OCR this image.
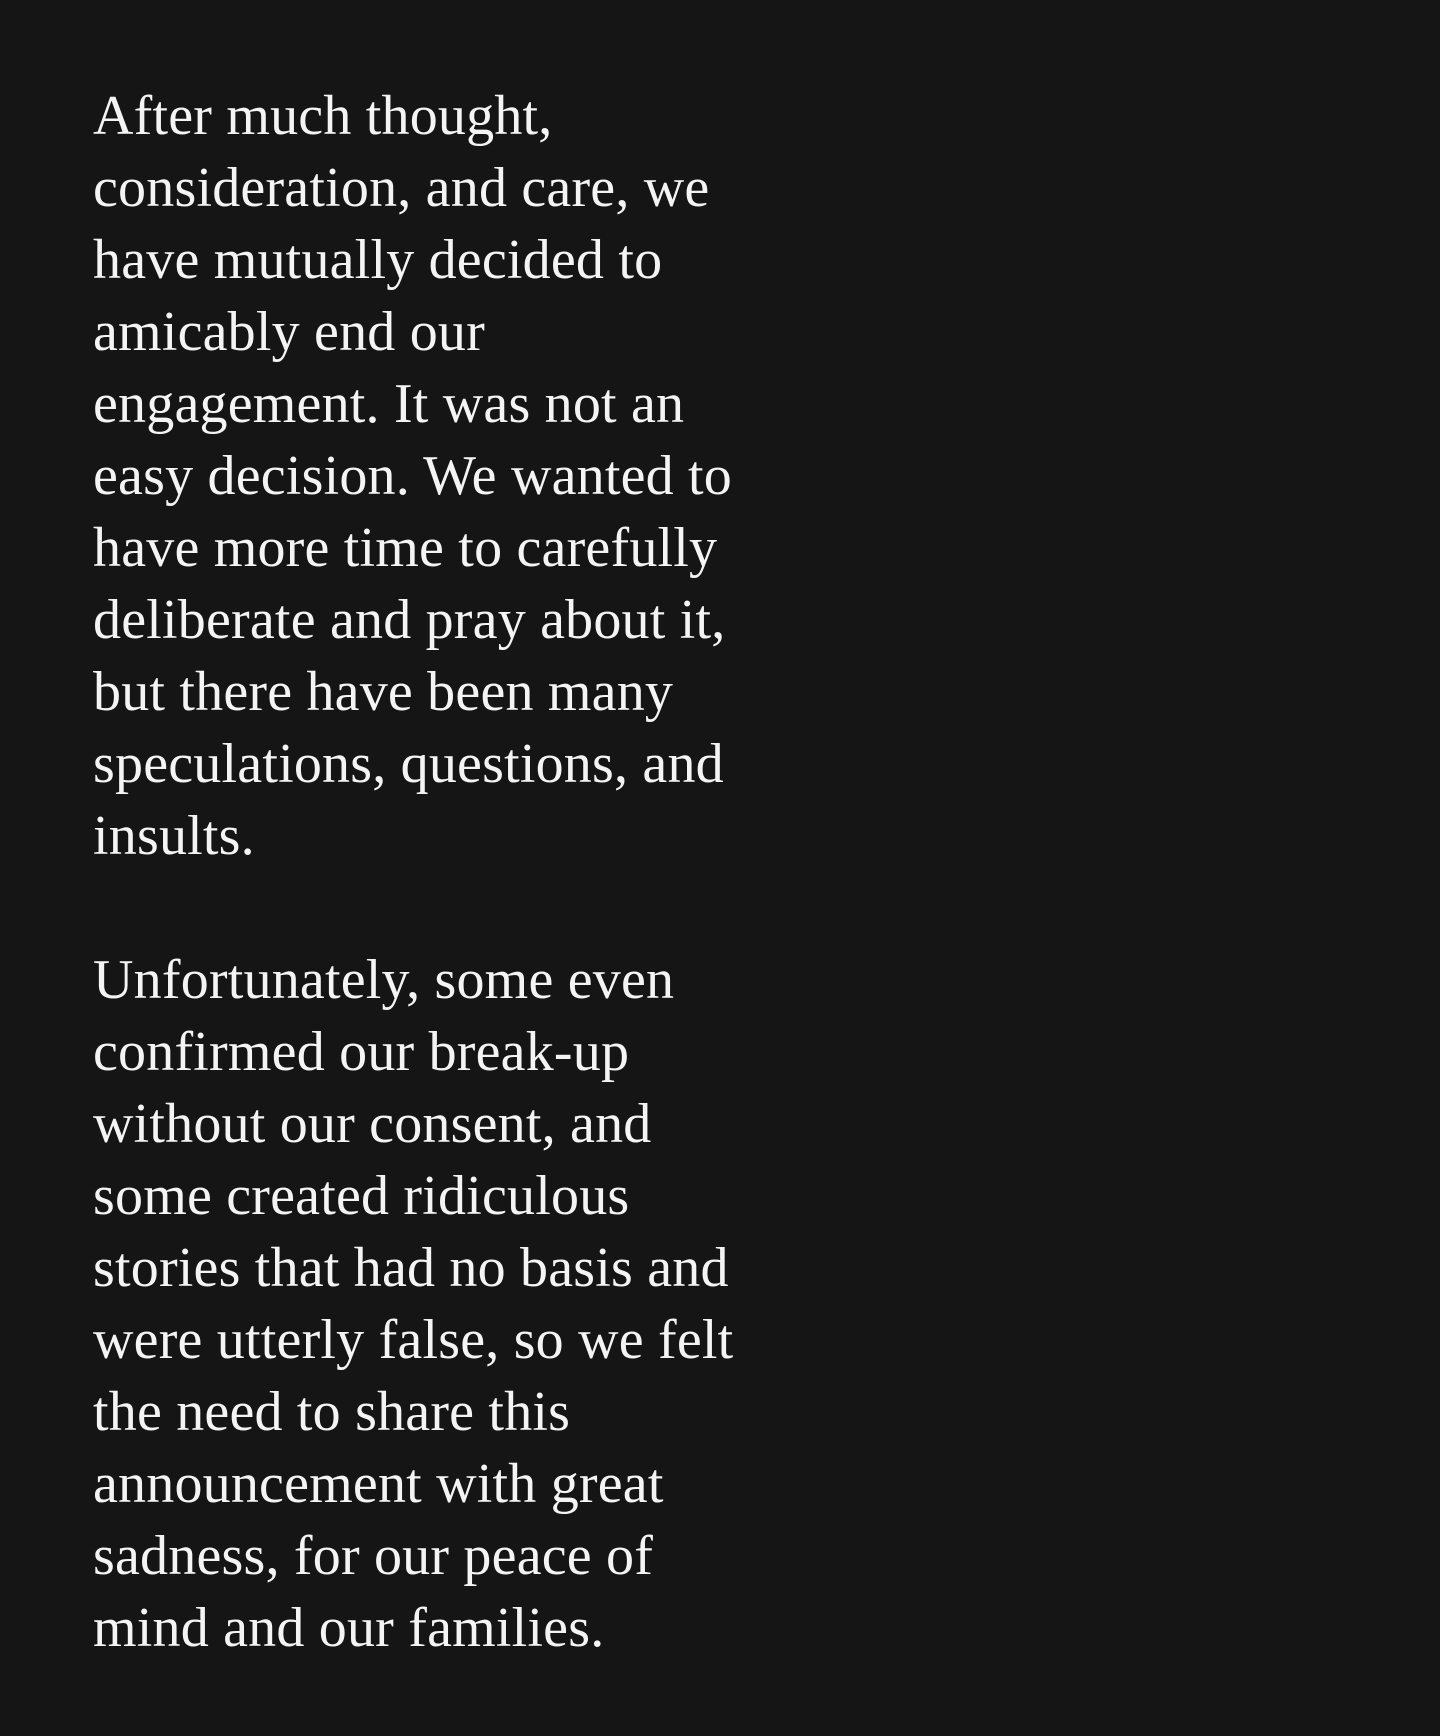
After much thought,
consideration, and care, we
have mutually decided to
amicably end our
engagement. It was not an
easy decision. We wanted to
have more time to carefully
deliberate and pray about it,
but there have been many
speculations, questions, and
insults.
Unfortunately, some even
confirmed our break-up
without our consent, and
some created ridiculous
stories that had no basis and
were utterly false, so we felt
the need to share this
announcement with great
sadness, for our peace of
mind and our families.
